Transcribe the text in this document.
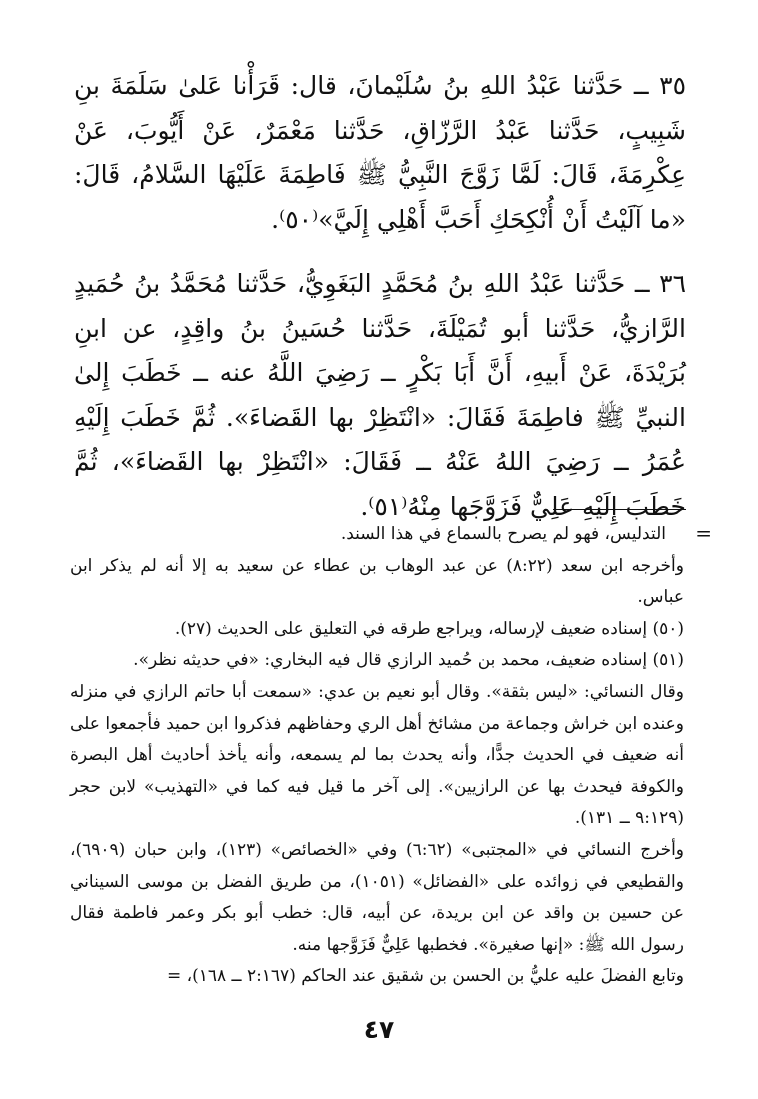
٣٥ ــ حَدَّثنا عَبْدُ اللهِ بنُ سُلَيْمانَ، قال: قَرَأْنا عَلىٰ سَلَمَةَ بنِ شَبِيبٍ، حَدَّثنا عَبْدُ الرَّزّاقِ، حَدَّثنا مَعْمَرٌ، عَنْ أَيُّوبَ، عَنْ عِكْرِمَةَ، قَالَ: لَمَّا زَوَّجَ النَّبِيُّ ﷺ فَاطِمَةَ عَلَيْهَا السَّلامُ، قَالَ: «ما آلَيْتُ أَنْ أُنْكِحَكِ أَحَبَّ أَهْلِي إِلَيَّ»⁽٥٠⁾.

٣٦ ــ حَدَّثنا عَبْدُ اللهِ بنُ مُحَمَّدٍ البَغَوِيُّ، حَدَّثنا مُحَمَّدُ بنُ حُمَيدٍ الرَّازيُّ، حَدَّثنا أبو تُمَيْلَةَ، حَدَّثنا حُسَينُ بنُ واقِدٍ، عن ابنِ بُرَيْدَةَ، عَنْ أَبيهِ، أَنَّ أَبَا بَكْرٍ ــ رَضِيَ اللَّهُ عنه ــ خَطَبَ إِلىٰ النبيِّ ﷺ فاطِمَةَ فَقَالَ: «انْتَظِرْ بها القَضاءَ». ثُمَّ خَطَبَ إِلَيْهِ عُمَرُ ــ رَضِيَ اللهُ عَنْهُ ــ فَقَالَ: «انْتَظِرْ بها القَضاءَ»، ثُمَّ خَطَبَ إِلَيْهِ عَلِيٌّ فَزَوَّجَها مِنْهُ⁽٥١⁾.

=

التدليس، فهو لم يصرح بالسماع في هذا السند.

وأخرجه ابن سعد (٨:٢٢) عن عبد الوهاب بن عطاء عن سعيد به إلا أنه لم يذكر ابن عباس.

(٥٠) إسناده ضعيف لإرساله، ويراجع طرقه في التعليق على الحديث (٢٧).

(٥١) إسناده ضعيف، محمد بن حُميد الرازي قال فيه البخاري: «في حديثه نظر».

وقال النسائي: «ليس بثقة». وقال أبو نعيم بن عدي: «سمعت أبا حاتم الرازي في منزله وعنده ابن خراش وجماعة من مشائخ أهل الري وحفاظهم فذكروا ابن حميد فأجمعوا على أنه ضعيف في الحديث جدًّا، وأنه يحدث بما لم يسمعه، وأنه يأخذ أحاديث أهل البصرة والكوفة فيحدث بها عن الرازيين». إلى آخر ما قيل فيه كما في «التهذيب» لابن حجر (٩:١٢٩ ــ ١٣١).

وأخرج النسائي في «المجتبى» (٦:٦٢) وفي «الخصائص» (١٢٣)، وابن حبان (٦٩٠٩)، والقطيعي في زوائده على «الفضائل» (١٠٥١)، من طريق الفضل بن موسى السيناني عن حسين بن واقد عن ابن بريدة، عن أبيه، قال: خطب أبو بكر وعمر فاطمة فقال رسول الله ﷺ: «إنها صغيرة». فخطبها عَلِيٌّ فَزَوَّجها منه.

وتابع الفضلَ عليه عليُّ بن الحسن بن شقيق عند الحاكم (٢:١٦٧ ــ ١٦٨)، =

٤٧
